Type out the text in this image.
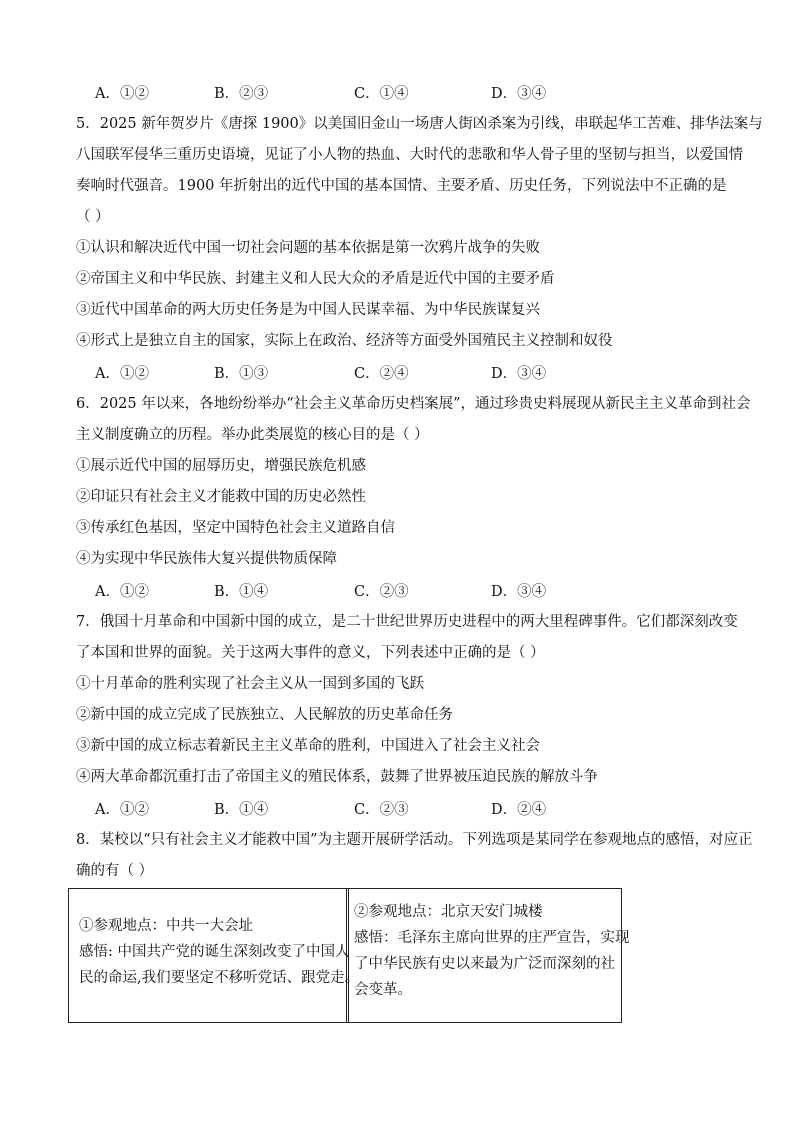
A．①②	B．②③	C．①④	D．③④
5．2025 新年贺岁片《唐探 1900》以美国旧金山一场唐人街凶杀案为引线，串联起华工苦难、排华法案与
八国联军侵华三重历史语境，见证了小人物的热血、大时代的悲歌和华人骨子里的坚韧与担当，以爱国情
奏响时代强音。1900 年折射出的近代中国的基本国情、主要矛盾、历史任务，下列说法中不正确的是
（ ）
①认识和解决近代中国一切社会问题的基本依据是第一次鸦片战争的失败
②帝国主义和中华民族、封建主义和人民大众的矛盾是近代中国的主要矛盾
③近代中国革命的两大历史任务是为中国人民谋幸福、为中华民族谋复兴
④形式上是独立自主的国家，实际上在政治、经济等方面受外国殖民主义控制和奴役
A．①②	B．①③	C．②④	D．③④
6．2025 年以来，各地纷纷举办“社会主义革命历史档案展”，通过珍贵史料展现从新民主主义革命到社会
主义制度确立的历程。举办此类展览的核心目的是（ ）
①展示近代中国的屈辱历史，增强民族危机感
②印证只有社会主义才能救中国的历史必然性
③传承红色基因，坚定中国特色社会主义道路自信
④为实现中华民族伟大复兴提供物质保障
A．①②	B．①④	C．②③	D．③④
7．俄国十月革命和中国新中国的成立，是二十世纪世界历史进程中的两大里程碑事件。它们都深刻改变
了本国和世界的面貌。关于这两大事件的意义，下列表述中正确的是（ ）
①十月革命的胜利实现了社会主义从一国到多国的飞跃
②新中国的成立完成了民族独立、人民解放的历史革命任务
③新中国的成立标志着新民主主义革命的胜利，中国进入了社会主义社会
④两大革命都沉重打击了帝国主义的殖民体系，鼓舞了世界被压迫民族的解放斗争
A．①②	B．①④	C．②③	D．②④
8．某校以“只有社会主义才能救中国”为主题开展研学活动。下列选项是某同学在参观地点的感悟，对应正
确的有（ ）
①参观地点：中共一大会址
感悟: 中国共产党的诞生深刻改变了中国人
民的命运,我们要坚定不移听党话、跟党走。
②参观地点：北京天安门城楼
感悟：毛泽东主席向世界的庄严宣告，实现
了中华民族有史以来最为广泛而深刻的社
会变革。
